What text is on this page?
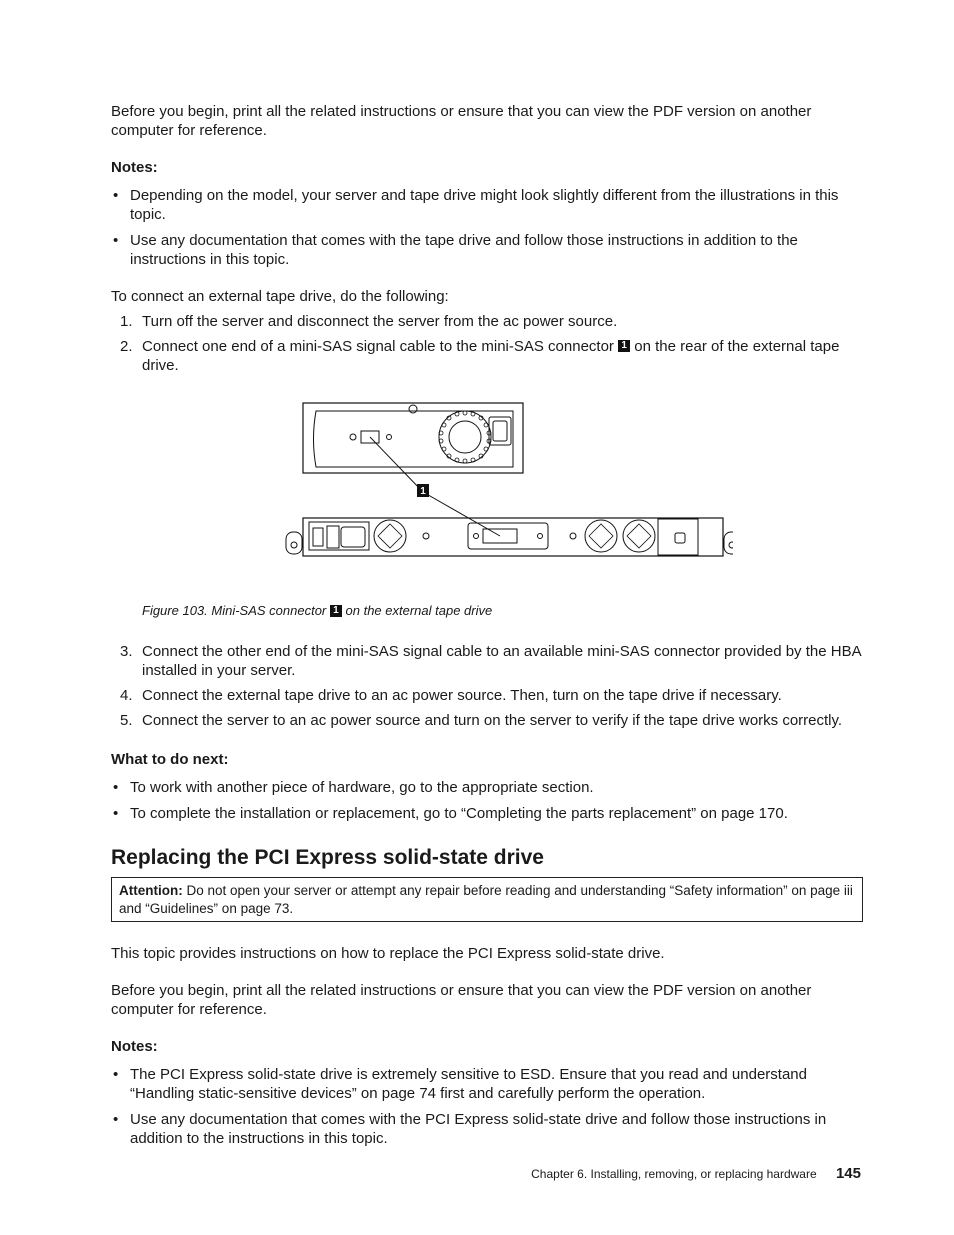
Before you begin, print all the related instructions or ensure that you can view the PDF version on another computer for reference.

Notes:

• Depending on the model, your server and tape drive might look slightly different from the illustrations in this topic.
• Use any documentation that comes with the tape drive and follow those instructions in addition to the instructions in this topic.

To connect an external tape drive, do the following:

1. Turn off the server and disconnect the server from the ac power source.
2. Connect one end of a mini-SAS signal cable to the mini-SAS connector 1 on the rear of the external tape drive.
1

Figure 103. Mini-SAS connector 1 on the external tape drive

3. Connect the other end of the mini-SAS signal cable to an available mini-SAS connector provided by the HBA installed in your server.
4. Connect the external tape drive to an ac power source. Then, turn on the tape drive if necessary.
5. Connect the server to an ac power source and turn on the server to verify if the tape drive works correctly.

What to do next:

• To work with another piece of hardware, go to the appropriate section.
• To complete the installation or replacement, go to “Completing the parts replacement” on page 170.
Replacing the PCI Express solid-state drive
Attention: Do not open your server or attempt any repair before reading and understanding “Safety information” on page iii and “Guidelines” on page 73.

This topic provides instructions on how to replace the PCI Express solid-state drive.

Before you begin, print all the related instructions or ensure that you can view the PDF version on another computer for reference.

Notes:

• The PCI Express solid-state drive is extremely sensitive to ESD. Ensure that you read and understand “Handling static-sensitive devices” on page 74 first and carefully perform the operation.
• Use any documentation that comes with the PCI Express solid-state drive and follow those instructions in addition to the instructions in this topic.
Chapter 6. Installing, removing, or replacing hardware 145
